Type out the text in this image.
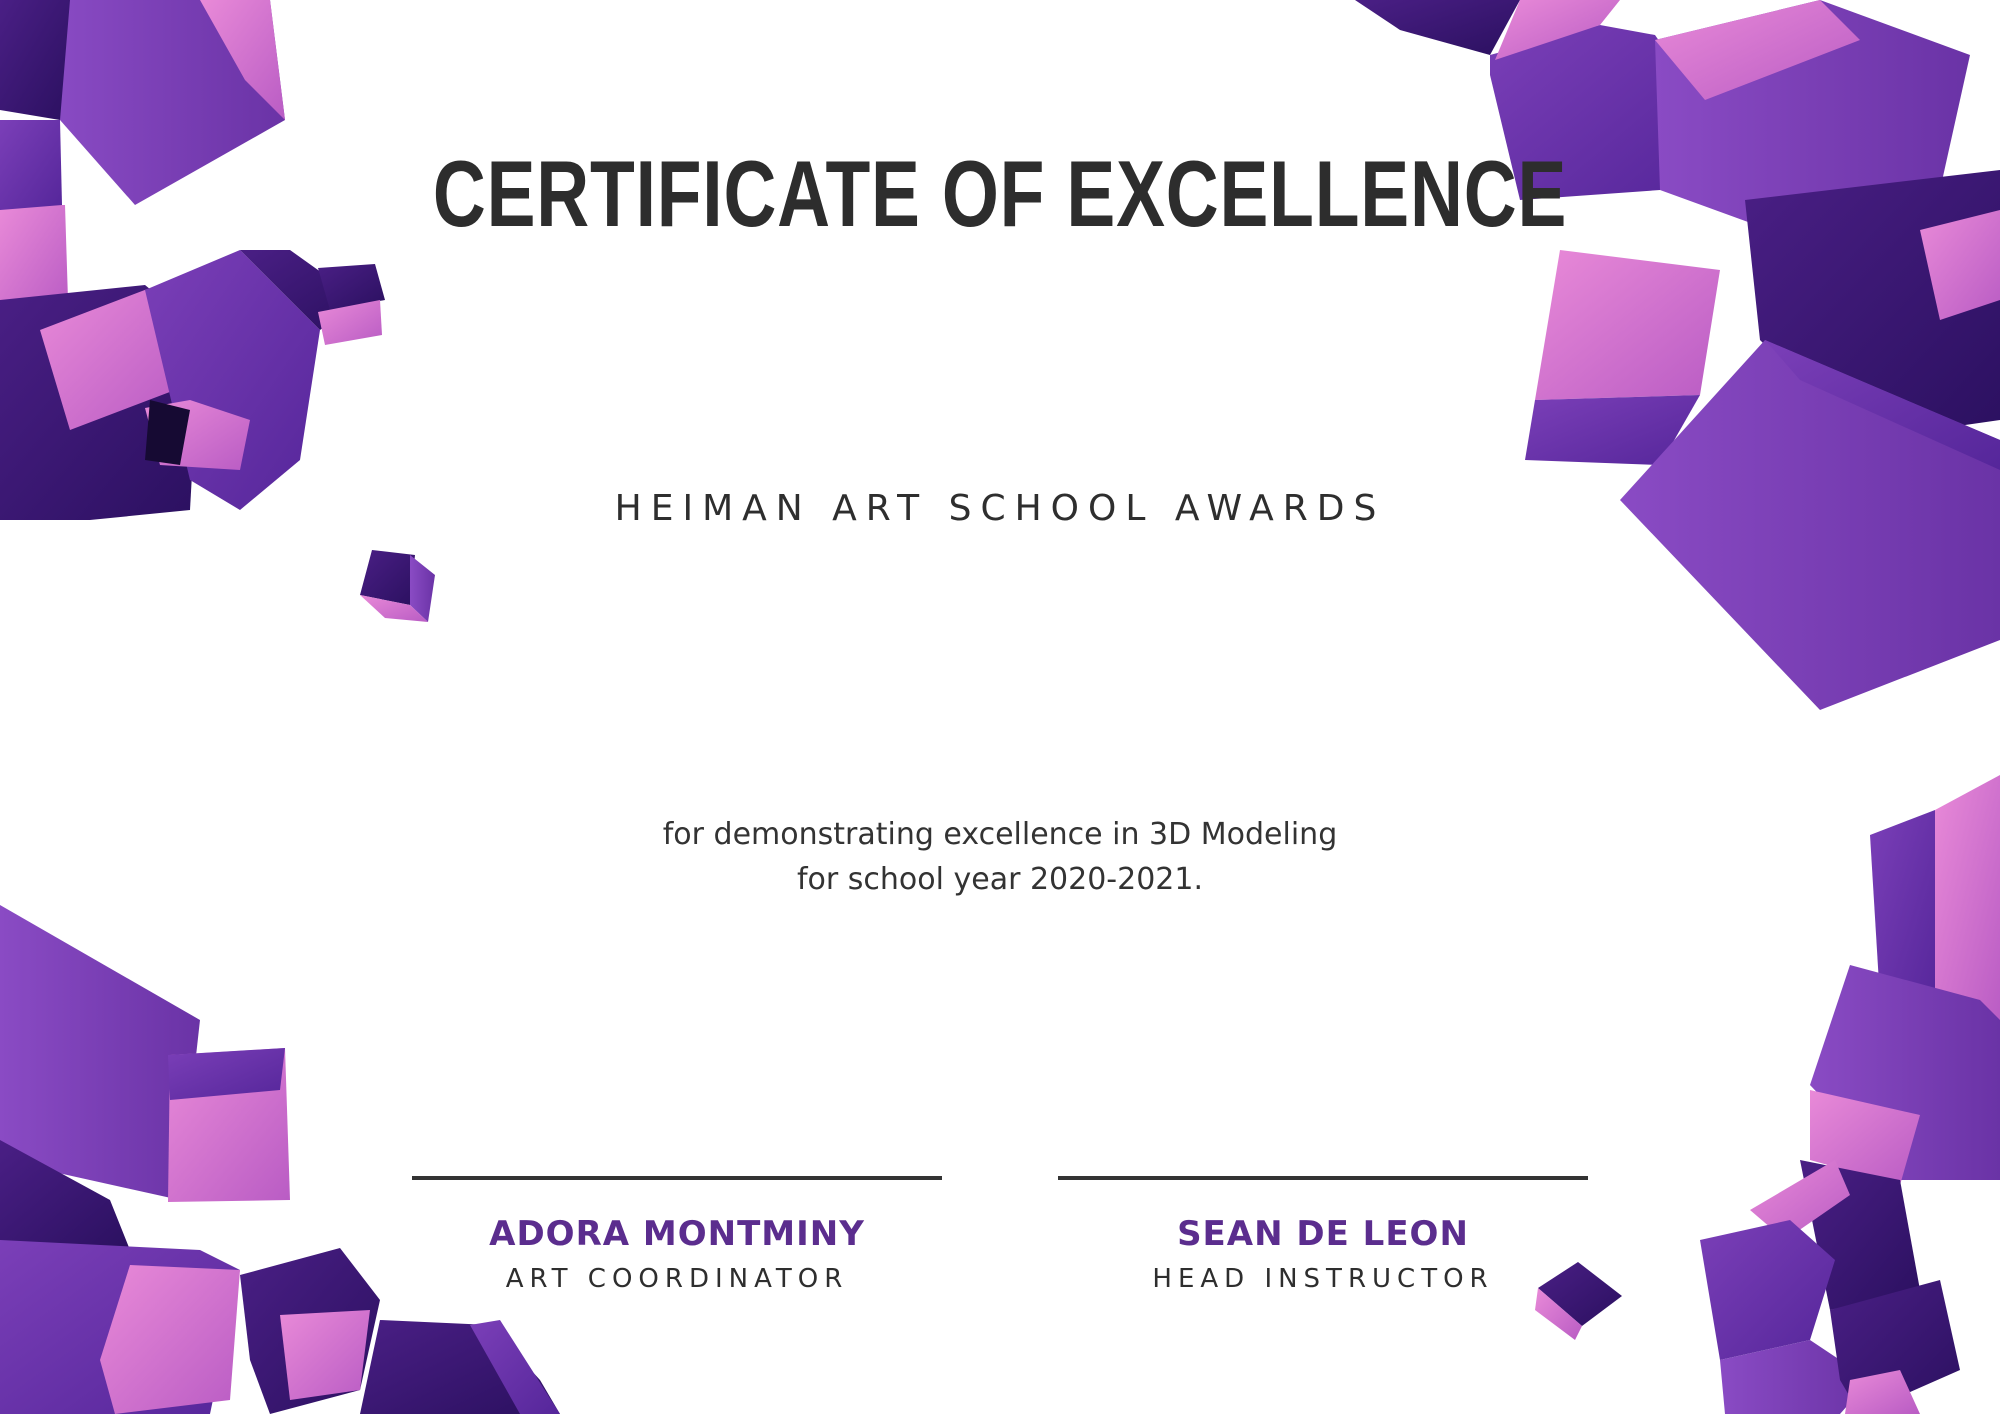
CERTIFICATE OF EXCELLENCE
HEIMAN ART SCHOOL AWARDS
for demonstrating excellence in 3D Modeling
for school year 2020-2021.
ADORA MONTMINY
ART COORDINATOR
SEAN DE LEON
HEAD INSTRUCTOR
